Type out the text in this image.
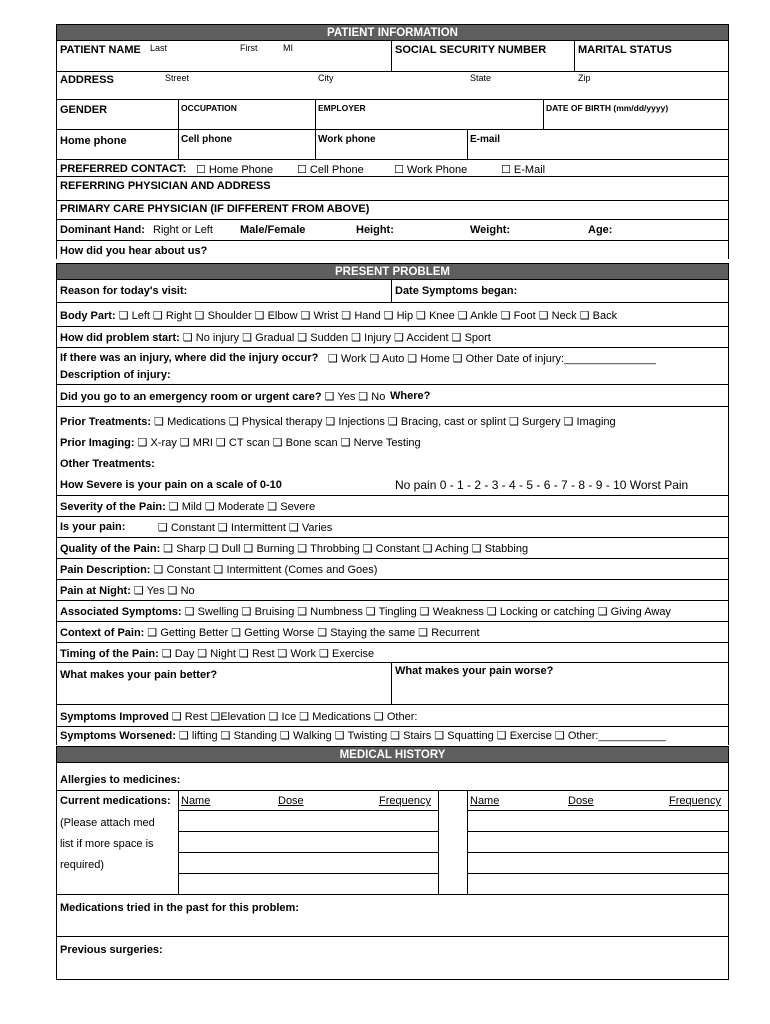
PATIENT INFORMATION
PATIENT NAME Last	First	MI	SOCIAL SECURITY NUMBER	MARITAL STATUS
ADDRESS	Street	City	State	Zip
GENDER	OCCUPATION	EMPLOYER	DATE OF BIRTH (mm/dd/yyyy)
Home phone	Cell phone	Work phone	E-mail
PREFERRED CONTACT: ☐ Home Phone ☐ Cell Phone	☐ Work Phone	☐ E-Mail
REFERRING PHYSICIAN AND ADDRESS
PRIMARY CARE PHYSICIAN (IF DIFFERENT FROM ABOVE)
Dominant Hand: Right or Left Male/Female	Height:	Weight:	Age:
How did you hear about us?
PRESENT PROBLEM
Reason for today's visit:	Date Symptoms began:
Body Part: ❑ Left ❑ Right ❑ Shoulder ❑ Elbow ❑ Wrist ❑ Hand ❑ Hip ❑ Knee ❑ Ankle ❑ Foot ❑ Neck ❑ Back
How did problem start: ❑ No injury ❑ Gradual ❑ Sudden ❑ Injury ❑ Accident ❑ Sport
If there was an injury, where did the injury occur? ❑ Work ❑ Auto ❑ Home ❑ Other Date of injury:_______________
Description of injury:
Did you go to an emergency room or urgent care? ❑ Yes ❑ No Where?
Prior Treatments: ❑ Medications ❑ Physical therapy ❑ Injections ❑ Bracing, cast or splint ❑ Surgery ❑ Imaging
Prior Imaging: ❑ X-ray ❑ MRI ❑ CT scan ❑ Bone scan ❑ Nerve Testing
Other Treatments:
How Severe is your pain on a scale of 0-10	No pain 0 - 1 - 2 - 3 - 4 - 5 - 6 - 7 - 8 - 9 - 10 Worst Pain
Severity of the Pain: ❑ Mild ❑ Moderate ❑ Severe
Is your pain:	❑ Constant ❑ Intermittent ❑ Varies
Quality of the Pain: ❑ Sharp ❑ Dull ❑ Burning ❑ Throbbing ❑ Constant ❑ Aching ❑ Stabbing
Pain Description: ❑ Constant ❑ Intermittent (Comes and Goes)
Pain at Night: ❑ Yes ❑ No
Associated Symptoms: ❑ Swelling ❑ Bruising ❑ Numbness ❑ Tingling ❑ Weakness ❑ Locking or catching ❑ Giving Away
Context of Pain: ❑ Getting Better ❑ Getting Worse ❑ Staying the same ❑ Recurrent
Timing of the Pain: ❑ Day ❑ Night ❑ Rest ❑ Work ❑ Exercise
What makes your pain better?	What makes your pain worse?
Symptoms Improved ❑ Rest ❑Elevation ❑ Ice ❑ Medications ❑ Other:
Symptoms Worsened: ❑ lifting ❑ Standing ❑ Walking ❑ Twisting ❑ Stairs ❑ Squatting ❑ Exercise ❑ Other:___________
MEDICAL HISTORY
Allergies to medicines:
Current medications:
(Please attach med
list if more space is
required)
Name	Dose	Frequency	Name	Dose	Frequency
Medications tried in the past for this problem:
Previous surgeries:
